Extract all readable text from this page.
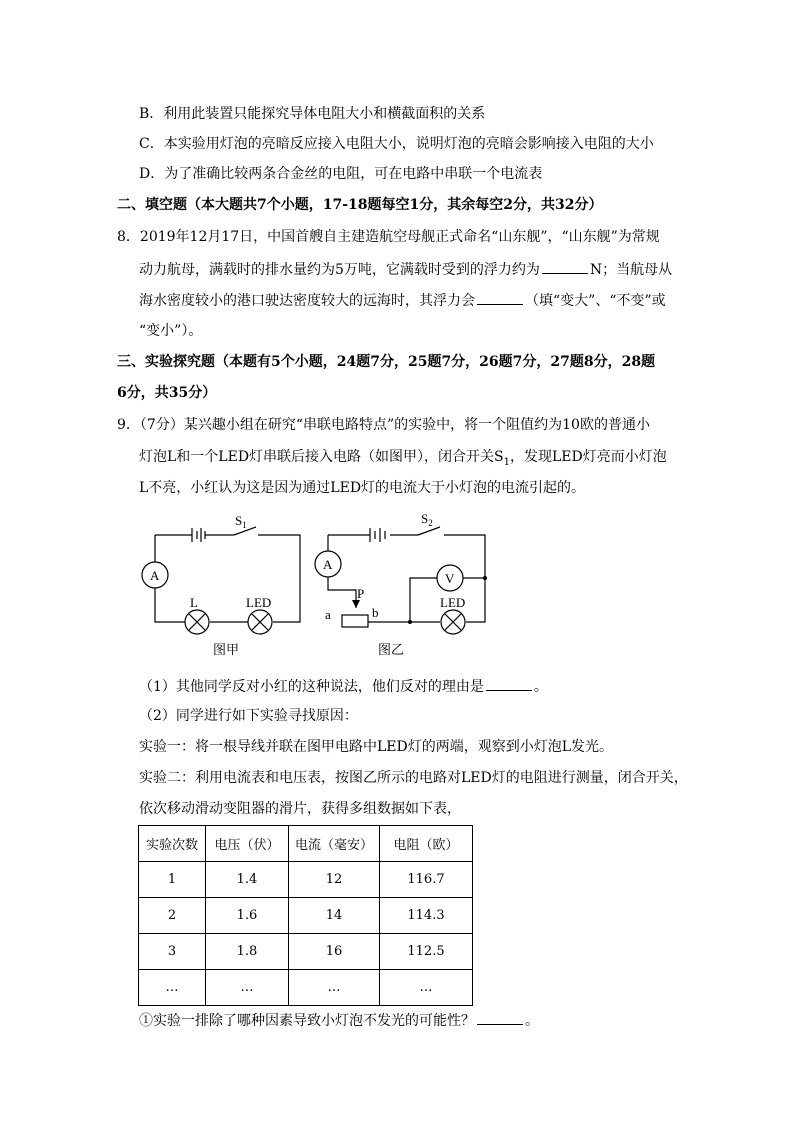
B．利用此装置只能探究导体电阻大小和横截面积的关系
C．本实验用灯泡的亮暗反应接入电阻大小，说明灯泡的亮暗会影响接入电阻的大小
D．为了准确比较两条合金丝的电阻，可在电路中串联一个电流表
二、填空题（本大题共7个小题，17-18题每空1分，其余每空2分，共32分）
8．2019年12月17日，中国首艘自主建造航空母舰正式命名“山东舰”，“山东舰”为常规
动力航母，满载时的排水量约为5万吨，它满载时受到的浮力约为	N；当航母从
海水密度较小的港口驶达密度较大的远海时，其浮力会	（填“变大”、“不变”或
“变小”）。
三、实验探究题（本题有5个小题，24题7分，25题7分，26题7分，27题8分，28题
6分，共35分）
9．（7分）某兴趣小组在研究“串联电路特点”的实验中，将一个阻值约为10欧的普通小
灯泡L和一个LED灯串联后接入电路（如图甲），闭合开关$S_1$，发现LED灯亮而小灯泡
L不亮，小红认为这是因为通过LED灯的电流大于小灯泡的电流引起的。
A
$S_1$
L	LED
图甲
A
V
$S_2$
P
a	b
LED
图乙
（1）其他同学反对小红的这种说法，他们反对的理由是	。
（2）同学进行如下实验寻找原因：
实验一：将一根导线并联在图甲电路中LED灯的两端，观察到小灯泡L发光。
实验二：利用电流表和电压表，按图乙所示的电路对LED灯的电阻进行测量，闭合开关，
依次移动滑动变阻器的滑片，获得多组数据如下表，
实验次数	电压（伏）	电流（毫安）	电阻（欧）
1	1.4	12	116.7
2	1.6	14	114.3
3	1.8	16	112.5
…	…	…	…
①实验一排除了哪种因素导致小灯泡不发光的可能性？	。
